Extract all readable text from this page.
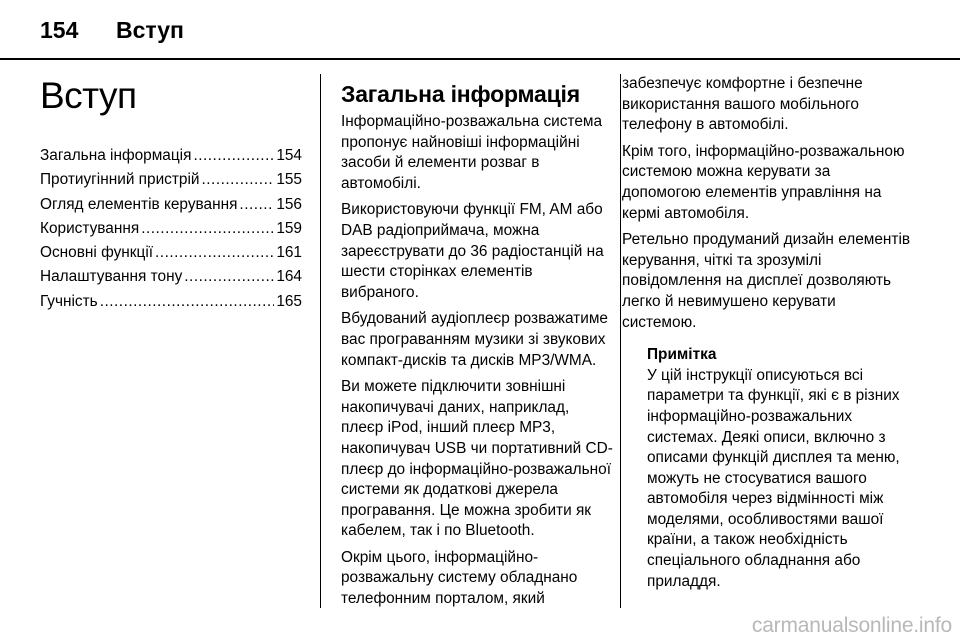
154 Вступ
Вступ
Загальна інформація .....	154
Протиугінний пристрій .....	155
Огляд елементів керування .....	156
Користування .....	159
Основні функції .....	161
Налаштування тону .....	164
Гучність .....	165
Загальна інформація

Інформаційно-розважальна система пропонує найновіші інформаційні засоби й елементи розваг в автомобілі.

Використовуючи функції FM, AM або DAB радіоприймача, можна зареєструвати до 36 радіостанцій на шести сторінках елементів вибраного.

Вбудований аудіоплеєр розважатиме вас програванням музики зі звукових компакт-дисків та дисків MP3/WMA.

Ви можете підключити зовнішні накопичувачі даних, наприклад, плеєр iPod, інший плеєр MP3, накопичувач USB чи портативний CD-плеєр до інформаційно-розважальної системи як додаткові джерела програвання. Це можна зробити як кабелем, так і по Bluetooth.

Окрім цього, інформаційно-розважальну систему обладнано телефонним порталом, який

забезпечує комфортне і безпечне використання вашого мобільного телефону в автомобілі.

Крім того, інформаційно-розважальною системою можна керувати за допомогою елементів управління на кермі автомобіля.

Ретельно продуманий дизайн елементів керування, чіткі та зрозумілі повідомлення на дисплеї дозволяють легко й невимушено керувати системою.

Примітка

У цій інструкції описуються всі параметри та функції, які є в різних інформаційно-розважальних системах. Деякі описи, включно з описами функцій дисплея та меню, можуть не стосуватися вашого автомобіля через відмінності між моделями, особливостями вашої країни, а також необхідність спеціального обладнання або приладдя.

carmanualsonline.info
